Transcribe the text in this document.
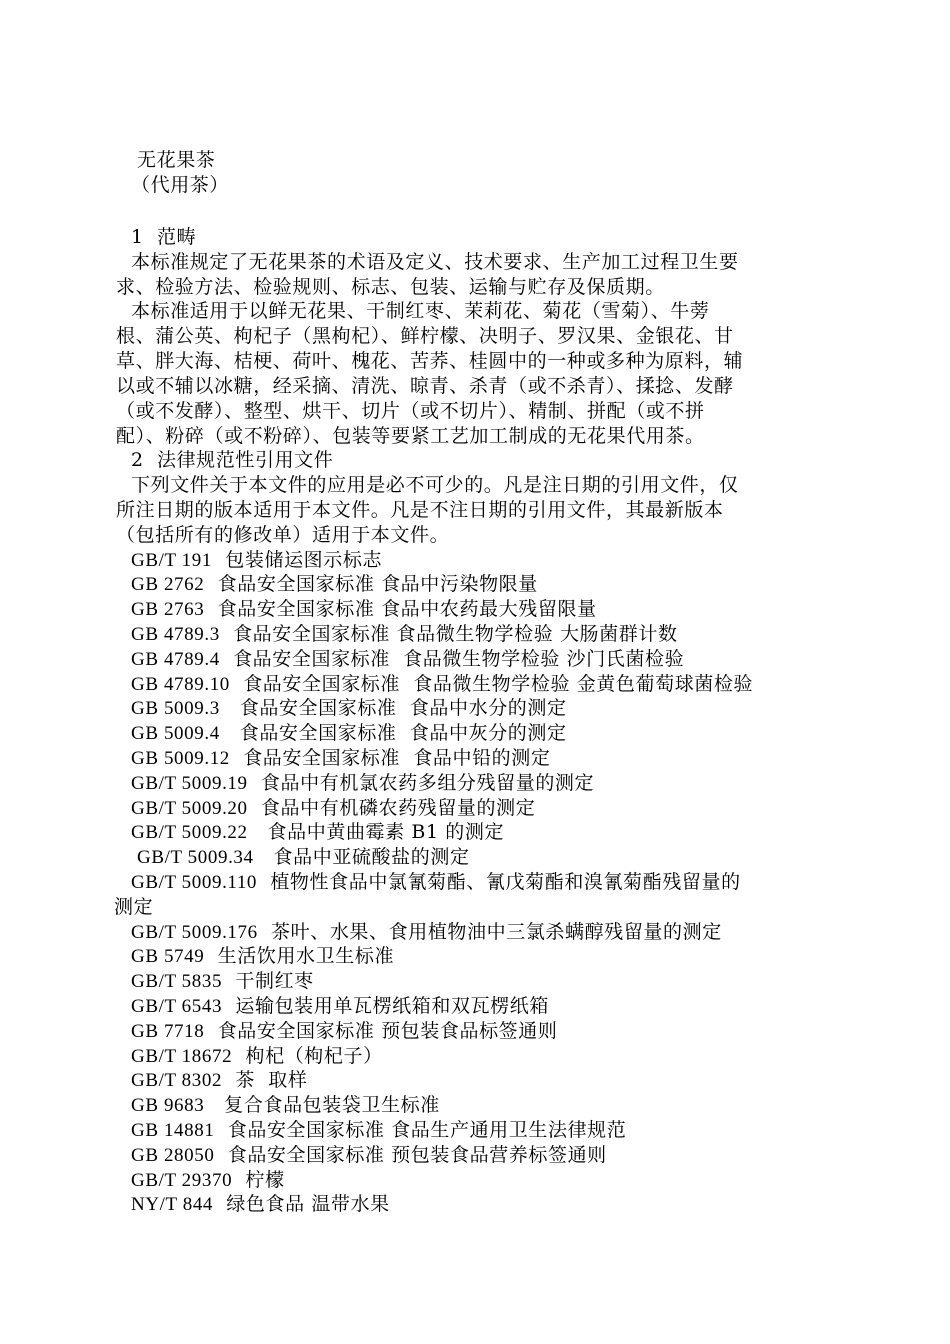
无花果茶
（代用茶）
1  范畴
本标准规定了无花果茶的术语及定义、技术要求、生产加工过程卫生要
求、检验方法、检验规则、标志、包装、运输与贮存及保质期。
本标准适用于以鲜无花果、干制红枣、茉莉花、菊花（雪菊）、牛蒡
根、蒲公英、枸杞子（黑枸杞）、鲜柠檬、决明子、罗汉果、金银花、甘
草、胖大海、桔梗、荷叶、槐花、苦荞、桂圆中的一种或多种为原料，辅
以或不辅以冰糖，经采摘、清洗、晾青、杀青（或不杀青）、揉捻、发酵
（或不发酵）、整型、烘干、切片（或不切片）、精制、拼配（或不拼
配）、粉碎（或不粉碎）、包装等要紧工艺加工制成的无花果代用茶。
2  法律规范性引用文件
下列文件关于本文件的应用是必不可少的。凡是注日期的引用文件，仅
所注日期的版本适用于本文件。凡是不注日期的引用文件，其最新版本
（包括所有的修改单）适用于本文件。
GB/T 191 包装储运图示标志
GB 2762 食品安全国家标准 食品中污染物限量
GB 2763 食品安全国家标准 食品中农药最大残留限量
GB 4789.3 食品安全国家标准 食品微生物学检验 大肠菌群计数
GB 4789.4 食品安全国家标准  食品微生物学检验 沙门氏菌检验
GB 4789.10 食品安全国家标准  食品微生物学检验 金黄色葡萄球菌检验
GB 5009.3   食品安全国家标准  食品中水分的测定
GB 5009.4   食品安全国家标准  食品中灰分的测定
GB 5009.12 食品安全国家标准  食品中铅的测定
GB/T 5009.19 食品中有机氯农药多组分残留量的测定
GB/T 5009.20 食品中有机磷农药残留量的测定
GB/T 5009.22   食品中黄曲霉素 B1 的测定
GB/T 5009.34   食品中亚硫酸盐的测定
GB/T 5009.110 植物性食品中氯氰菊酯、氰戊菊酯和溴氰菊酯残留量的
测定
GB/T 5009.176 茶叶、水果、食用植物油中三氯杀螨醇残留量的测定
GB 5749 生活饮用水卫生标准
GB/T 5835 干制红枣
GB/T 6543 运输包装用单瓦楞纸箱和双瓦楞纸箱
GB 7718 食品安全国家标准 预包装食品标签通则
GB/T 18672 枸杞（枸杞子）
GB/T 8302 茶  取样
GB 9683   复合食品包装袋卫生标准
GB 14881 食品安全国家标准 食品生产通用卫生法律规范
GB 28050 食品安全国家标准 预包装食品营养标签通则
GB/T 29370 柠檬
NY/T 844 绿色食品 温带水果
